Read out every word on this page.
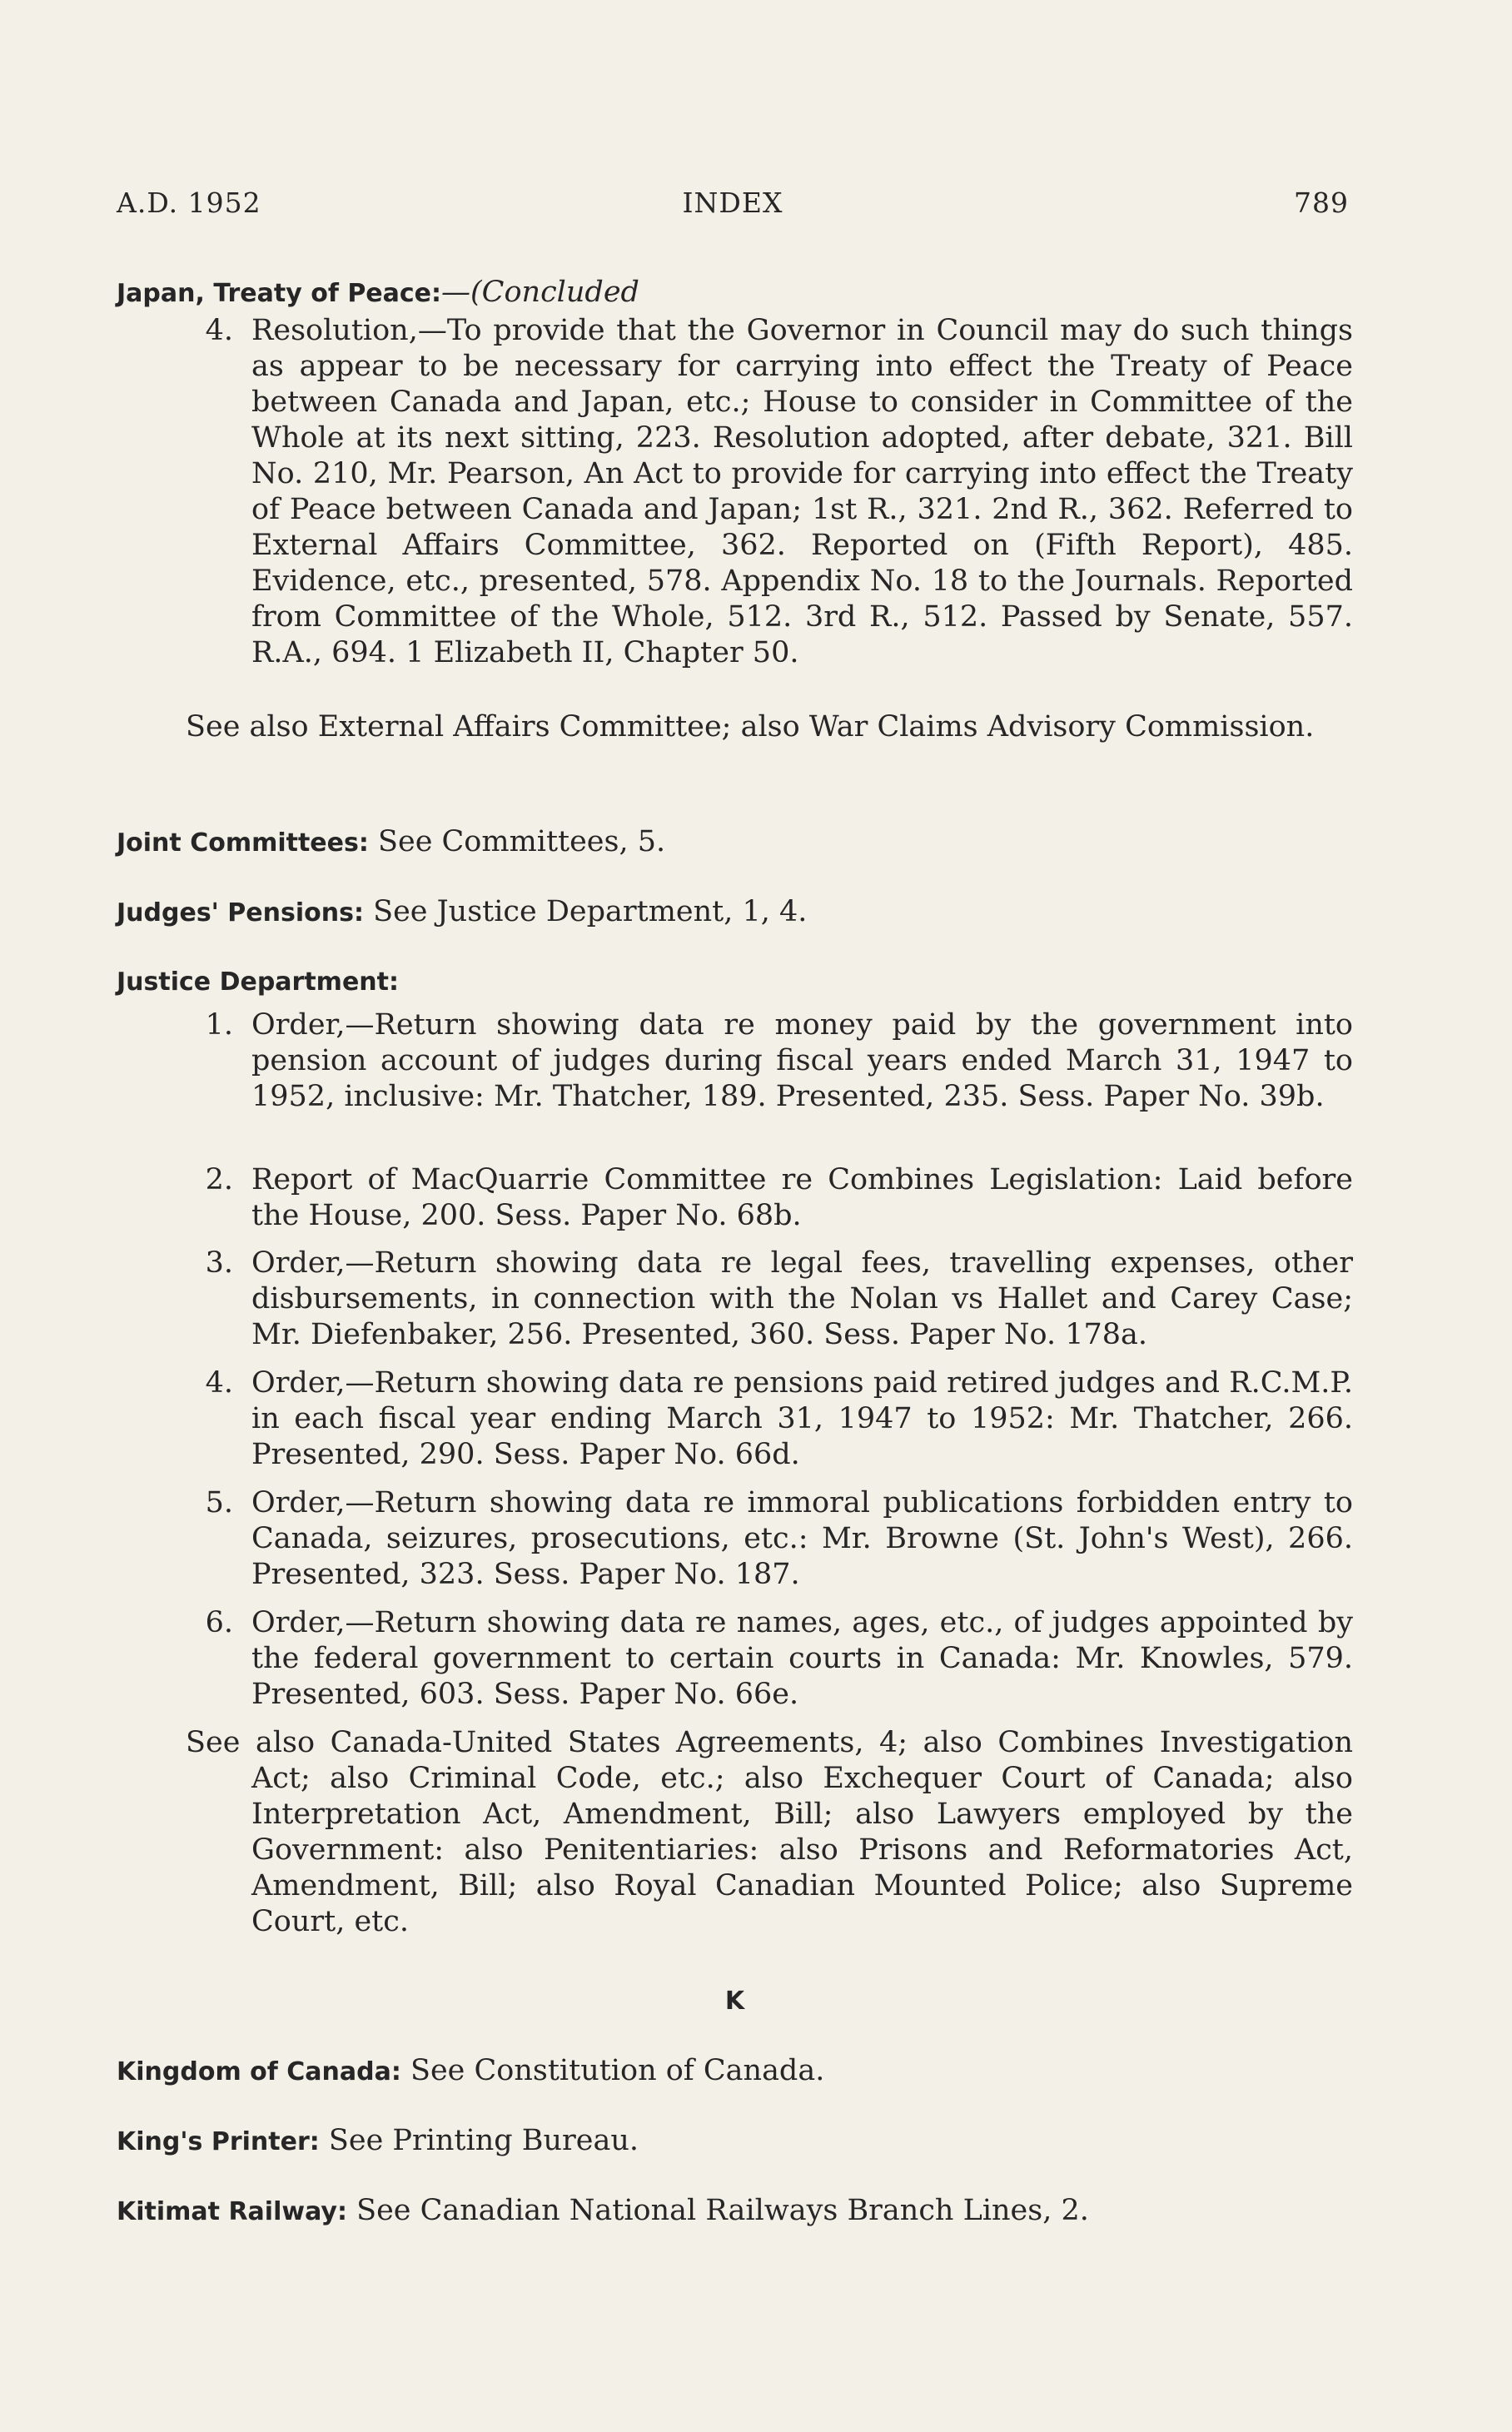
A.D. 1952	INDEX	789
Japan, Treaty of Peace:—(Concluded
4. Resolution,—To provide that the Governor in Council may do such things as appear to be necessary for carrying into effect the Treaty of Peace between Canada and Japan, etc.; House to consider in Committee of the Whole at its next sitting, 223. Resolution adopted, after debate, 321. Bill No. 210, Mr. Pearson, An Act to provide for carrying into effect the Treaty of Peace between Canada and Japan; 1st R., 321. 2nd R., 362. Referred to External Affairs Committee, 362. Reported on (Fifth Report), 485. Evidence, etc., presented, 578. Appendix No. 18 to the Journals. Reported from Committee of the Whole, 512. 3rd R., 512. Passed by Senate, 557. R.A., 694. 1 Elizabeth II, Chapter 50.
See also External Affairs Committee; also War Claims Advisory Commission.
Joint Committees: See Committees, 5.
Judges' Pensions: See Justice Department, 1, 4.
Justice Department:
1. Order,—Return showing data re money paid by the government into pension account of judges during fiscal years ended March 31, 1947 to 1952, inclusive: Mr. Thatcher, 189. Presented, 235. Sess. Paper No. 39b.
2. Report of MacQuarrie Committee re Combines Legislation: Laid before the House, 200. Sess. Paper No. 68b.
3. Order,—Return showing data re legal fees, travelling expenses, other disbursements, in connection with the Nolan vs Hallet and Carey Case; Mr. Diefenbaker, 256. Presented, 360. Sess. Paper No. 178a.
4. Order,—Return showing data re pensions paid retired judges and R.C.M.P. in each fiscal year ending March 31, 1947 to 1952: Mr. Thatcher, 266. Presented, 290. Sess. Paper No. 66d.
5. Order,—Return showing data re immoral publications forbidden entry to Canada, seizures, prosecutions, etc.: Mr. Browne (St. John's West), 266. Presented, 323. Sess. Paper No. 187.
6. Order,—Return showing data re names, ages, etc., of judges appointed by the federal government to certain courts in Canada: Mr. Knowles, 579. Presented, 603. Sess. Paper No. 66e.
See also Canada-United States Agreements, 4; also Combines Investigation Act; also Criminal Code, etc.; also Exchequer Court of Canada; also Interpretation Act, Amendment, Bill; also Lawyers employed by the Government: also Penitentiaries: also Prisons and Reformatories Act, Amendment, Bill; also Royal Canadian Mounted Police; also Supreme Court, etc.
K
Kingdom of Canada: See Constitution of Canada.
King's Printer: See Printing Bureau.
Kitimat Railway: See Canadian National Railways Branch Lines, 2.
